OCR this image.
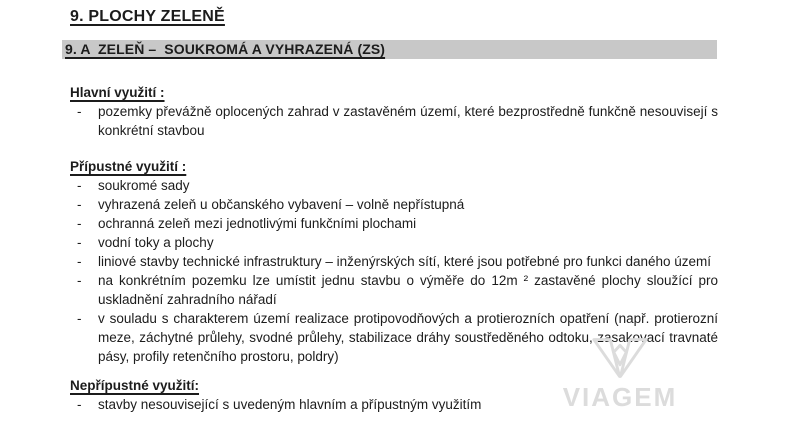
9. PLOCHY ZELENĚ
9. A  ZELEŇ –  SOUKROMÁ A VYHRAZENÁ (ZS)
Hlavní využití :
-	pozemky převážně oplocených zahrad v zastavěném území, které bezprostředně funkčně nesouvisejí s konkrétní stavbou
Přípustné využití :
-	soukromé sady
-	vyhrazená zeleň u občanského vybavení – volně nepřístupná
-	ochranná zeleň mezi jednotlivými funkčními plochami
-	vodní toky a plochy
-	liniové stavby technické infrastruktury – inženýrských sítí, které jsou potřebné pro funkci daného území
-	na konkrétním pozemku lze umístit jednu stavbu o výměře do 12m ² zastavěné plochy sloužící pro uskladnění zahradního nářadí
-	v souladu s charakterem území realizace protipovodňových a protierozních opatření (např. protierozní meze, záchytné průlehy, svodné průlehy, stabilizace dráhy soustředěného odtoku, zasakovací travnaté pásy, profily retenčního prostoru, poldry)
Nepřípustné využití:
-	stavby nesouvisející s uvedeným hlavním a přípustným využitím	VIAGEM
